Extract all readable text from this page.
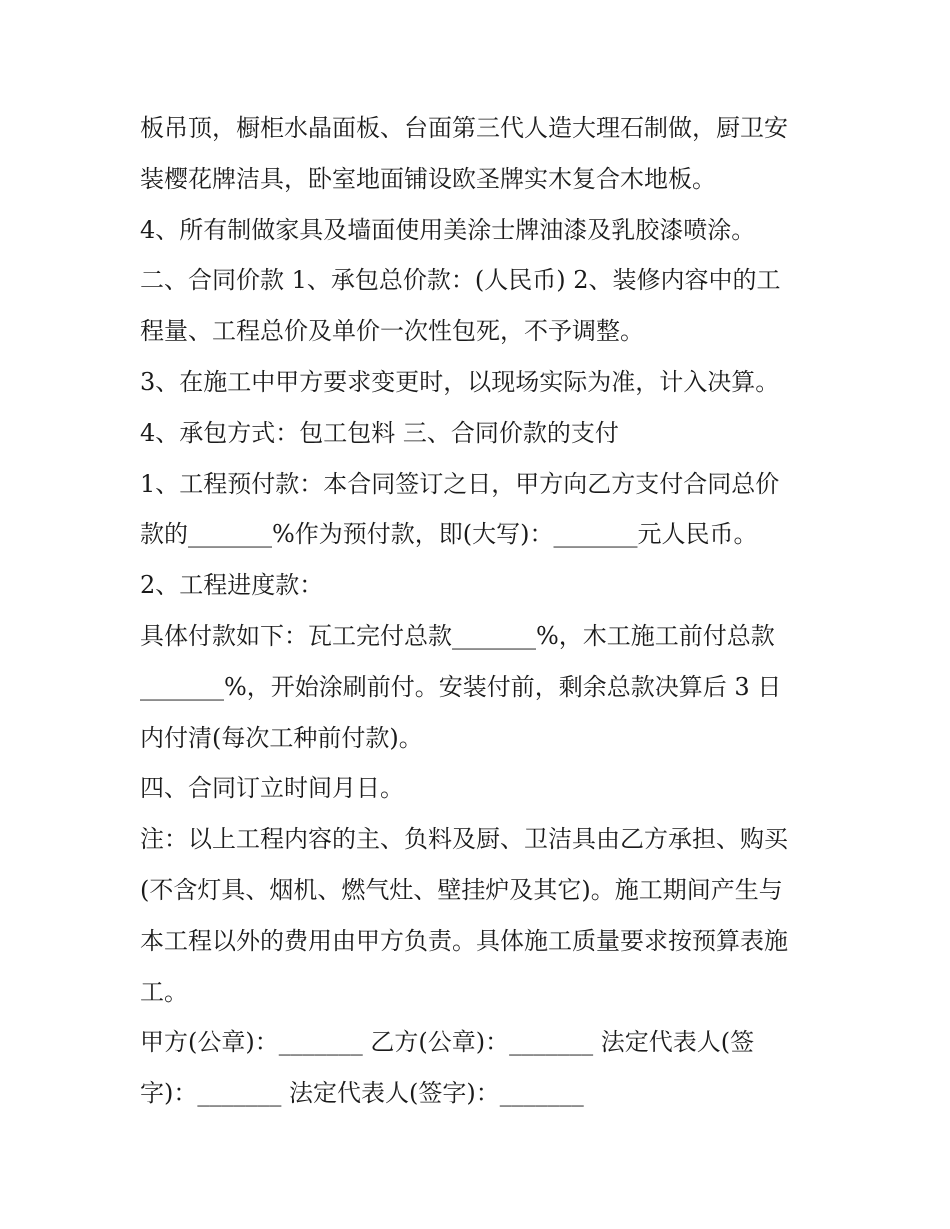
板吊顶，橱柜水晶面板、台面第三代人造大理石制做，厨卫安

装樱花牌洁具，卧室地面铺设欧圣牌实木复合木地板。

4、所有制做家具及墙面使用美涂士牌油漆及乳胶漆喷涂。

二、合同价款 1、承包总价款：(人民币) 2、装修内容中的工

程量、工程总价及单价一次性包死，不予调整。

3、在施工中甲方要求变更时，以现场实际为准，计入决算。

4、承包方式：包工包料 三、合同价款的支付

1、工程预付款：本合同签订之日，甲方向乙方支付合同总价

款的_______%作为预付款，即(大写)：_______元人民币。

2、工程进度款：

具体付款如下：瓦工完付总款_______%，木工施工前付总款

_______%，开始涂刷前付。安装付前，剩余总款决算后 3 日

内付清(每次工种前付款)。

四、合同订立时间月日。

注：以上工程内容的主、负料及厨、卫洁具由乙方承担、购买

(不含灯具、烟机、燃气灶、壁挂炉及其它)。施工期间产生与

本工程以外的费用由甲方负责。具体施工质量要求按预算表施

工。

甲方(公章)：_______ 乙方(公章)：_______ 法定代表人(签

字)：_______ 法定代表人(签字)：_______
